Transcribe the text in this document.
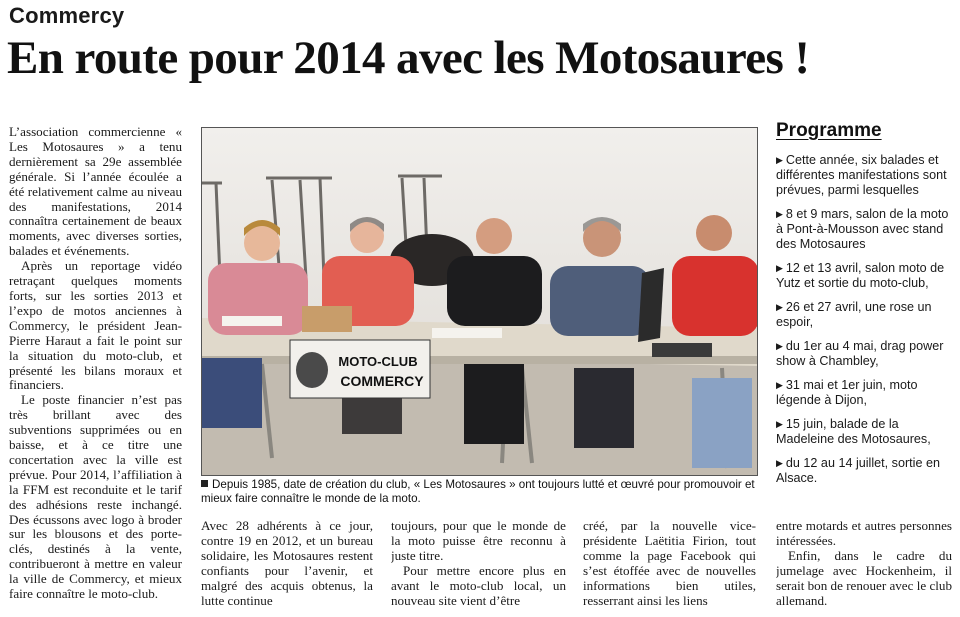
Commercy
En route pour 2014 avec les Motosaures !

L’association commercienne « Les Motosaures » a tenu dernièrement sa 29e assemblée générale. Si l’année écoulée a été relativement calme au niveau des manifestations, 2014 connaîtra certainement de beaux moments, avec diverses sorties, balades et événements.

Après un reportage vidéo retraçant quelques moments forts, sur les sorties 2013 et l’expo de motos anciennes à Commercy, le président Jean-Pierre Haraut a fait le point sur la situation du moto-club, et présenté les bilans moraux et financiers.

Le poste financier n’est pas très brillant avec des subventions supprimées ou en baisse, et à ce titre une concertation avec la ville est prévue. Pour 2014, l’affiliation à la FFM est reconduite et le tarif des adhésions reste inchangé. Des écussons avec logo à broder sur les blousons et des porte-clés, destinés à la vente, contribueront à mettre en valeur la ville de Commercy, et mieux faire connaître le moto-club.

MOTO-CLUB
COMMERCY
Depuis 1985, date de création du club, « Les Motosaures » ont toujours lutté et œuvré pour promouvoir et mieux faire connaître le monde de la moto.

Avec 28 adhérents à ce jour, contre 19 en 2012, et un bureau solidaire, les Motosaures restent confiants pour l’avenir, et malgré des acquis obtenus, la lutte continue

toujours, pour que le monde de la moto puisse être reconnu à juste titre.

Pour mettre encore plus en avant le moto-club local, un nouveau site vient d’être

créé, par la nouvelle vice-présidente Laëtitia Firion, tout comme la page Facebook qui s’est étoffée avec de nouvelles informations bien utiles, resserrant ainsi les liens

entre motards et autres personnes intéressées.

Enfin, dans le cadre du jumelage avec Hockenheim, il serait bon de renouer avec le club allemand.

Programme
▶ Cette année, six balades et différentes manifestations sont prévues, parmi lesquelles
▶ 8 et 9 mars, salon de la moto à Pont-à-Mousson avec stand des Motosaures
▶ 12 et 13 avril, salon moto de Yutz et sortie du moto-club,
▶ 26 et 27 avril, une rose un espoir,
▶ du 1er au 4 mai, drag power show à Chambley,
▶ 31 mai et 1er juin, moto légende à Dijon,
▶ 15 juin, balade de la Madeleine des Motosaures,
▶ du 12 au 14 juillet, sortie en Alsace.
